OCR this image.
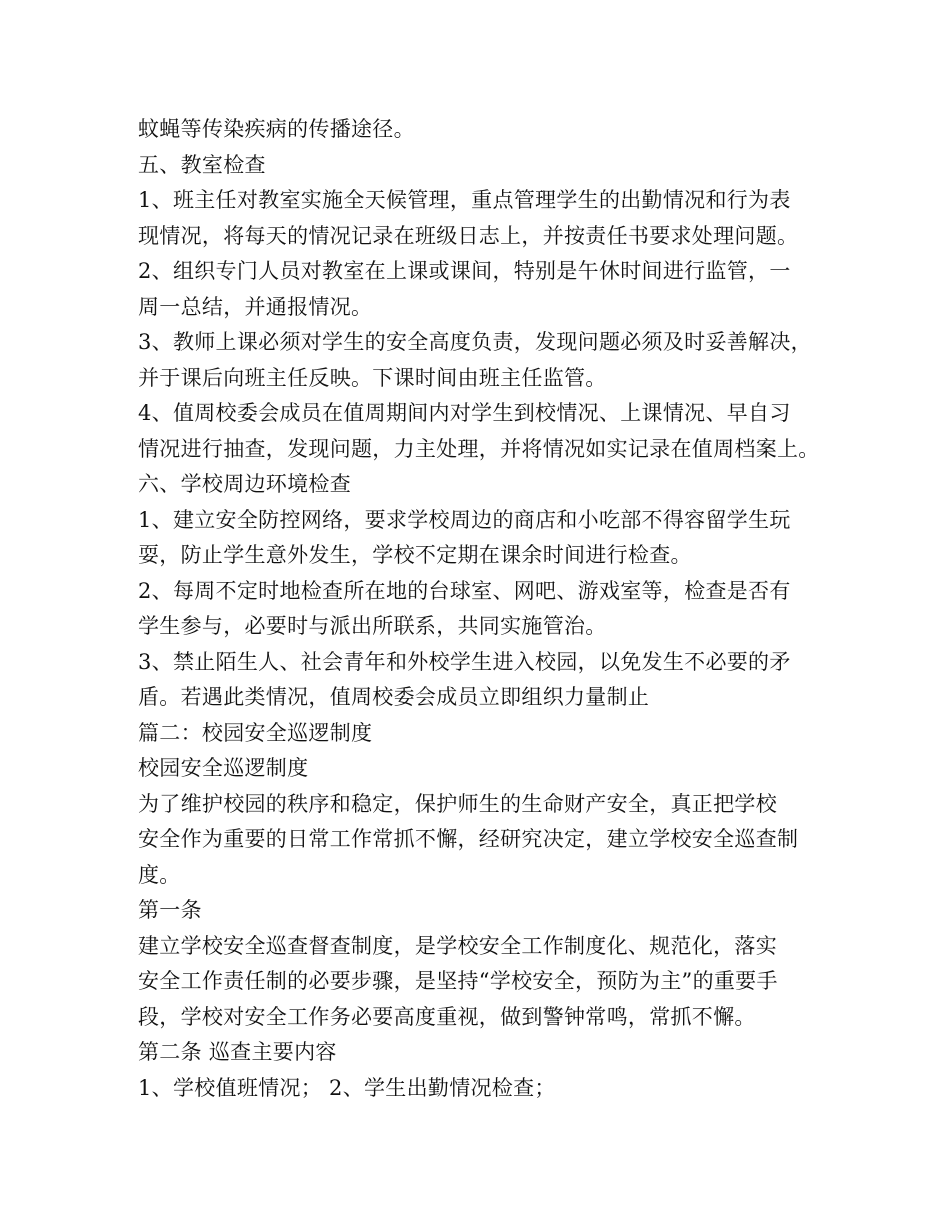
蚊蝇等传染疾病的传播途径。
五、教室检查
1、班主任对教室实施全天候管理，重点管理学生的出勤情况和行为表
现情况，将每天的情况记录在班级日志上，并按责任书要求处理问题。
2、组织专门人员对教室在上课或课间，特别是午休时间进行监管，一
周一总结，并通报情况。
3、教师上课必须对学生的安全高度负责，发现问题必须及时妥善解决，
并于课后向班主任反映。下课时间由班主任监管。
4、值周校委会成员在值周期间内对学生到校情况、上课情况、早自习
情况进行抽查，发现问题，力主处理，并将情况如实记录在值周档案上。
六、学校周边环境检查
1、建立安全防控网络，要求学校周边的商店和小吃部不得容留学生玩
耍，防止学生意外发生，学校不定期在课余时间进行检查。
2、每周不定时地检查所在地的台球室、网吧、游戏室等，检查是否有
学生参与，必要时与派出所联系，共同实施管治。
3、禁止陌生人、社会青年和外校学生进入校园，以免发生不必要的矛
盾。若遇此类情况，值周校委会成员立即组织力量制止
篇二：校园安全巡逻制度
校园安全巡逻制度
为了维护校园的秩序和稳定，保护师生的生命财产安全，真正把学校
安全作为重要的日常工作常抓不懈，经研究决定，建立学校安全巡查制
度。
第一条
建立学校安全巡查督查制度，是学校安全工作制度化、规范化，落实
安全工作责任制的必要步骤，是坚持“学校安全，预防为主”的重要手
段，学校对安全工作务必要高度重视，做到警钟常鸣，常抓不懈。
第二条 巡查主要内容
1、学校值班情况； 2、学生出勤情况检查；
